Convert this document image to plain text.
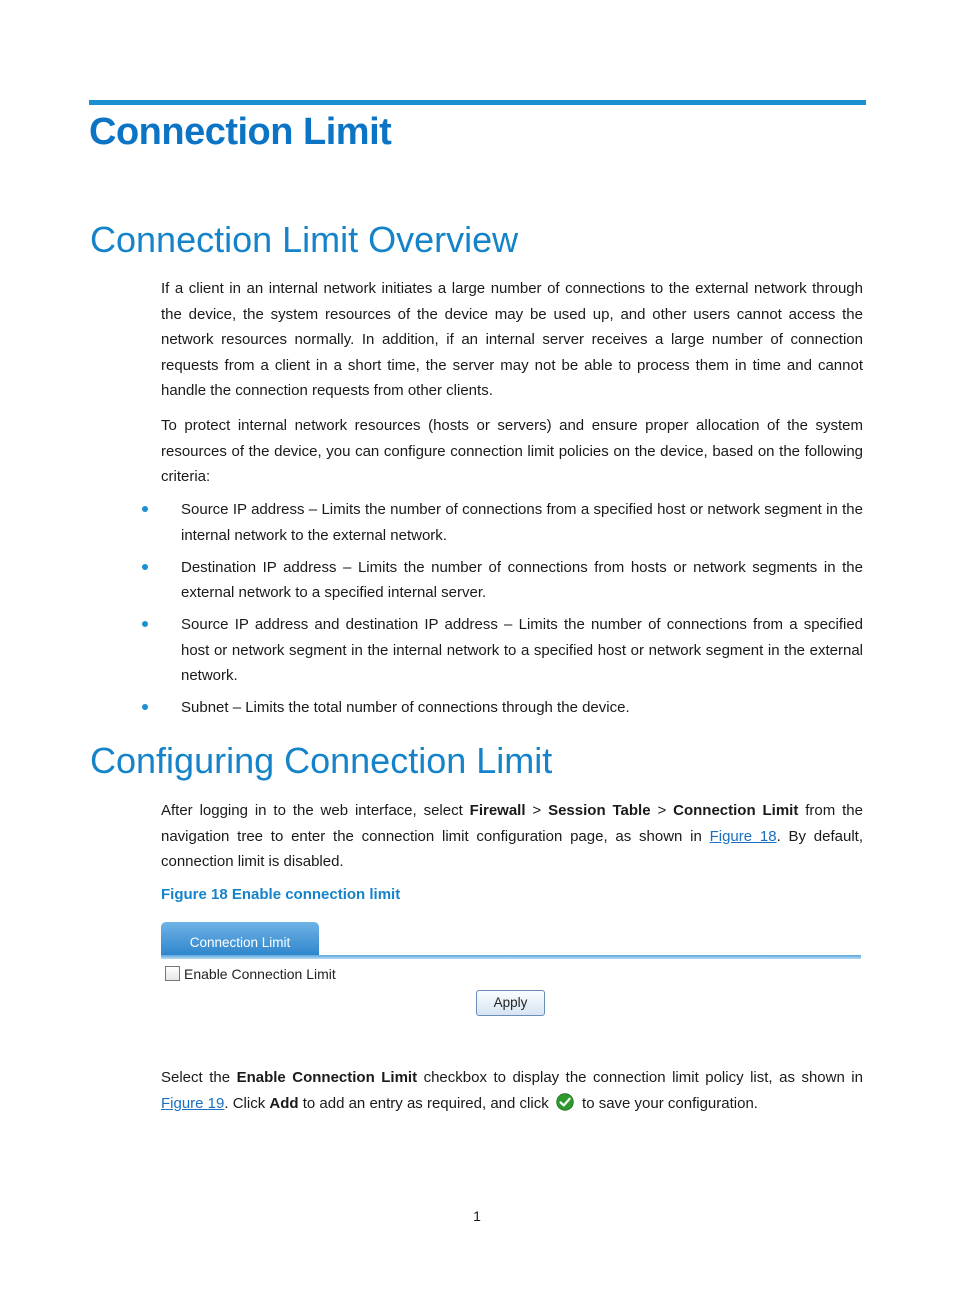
Connection Limit
Connection Limit Overview

If a client in an internal network initiates a large number of connections to the external network through the device, the system resources of the device may be used up, and other users cannot access the network resources normally. In addition, if an internal server receives a large number of connection requests from a client in a short time, the server may not be able to process them in time and cannot handle the connection requests from other clients.

To protect internal network resources (hosts or servers) and ensure proper allocation of the system resources of the device, you can configure connection limit policies on the device, based on the following criteria:

Source IP address – Limits the number of connections from a specified host or network segment in the internal network to the external network.
Destination IP address – Limits the number of connections from hosts or network segments in the external network to a specified internal server.
Source IP address and destination IP address – Limits the number of connections from a specified host or network segment in the internal network to a specified host or network segment in the external network.
Subnet – Limits the total number of connections through the device.
Configuring Connection Limit

After logging in to the web interface, select Firewall > Session Table > Connection Limit from the navigation tree to enter the connection limit configuration page, as shown in Figure 18. By default, connection limit is disabled.

Figure 18 Enable connection limit

Connection Limit
Enable Connection Limit
Apply

Select the Enable Connection Limit checkbox to display the connection limit policy list, as shown in Figure 19. Click Add to add an entry as required, and click  to save your configuration.

1
